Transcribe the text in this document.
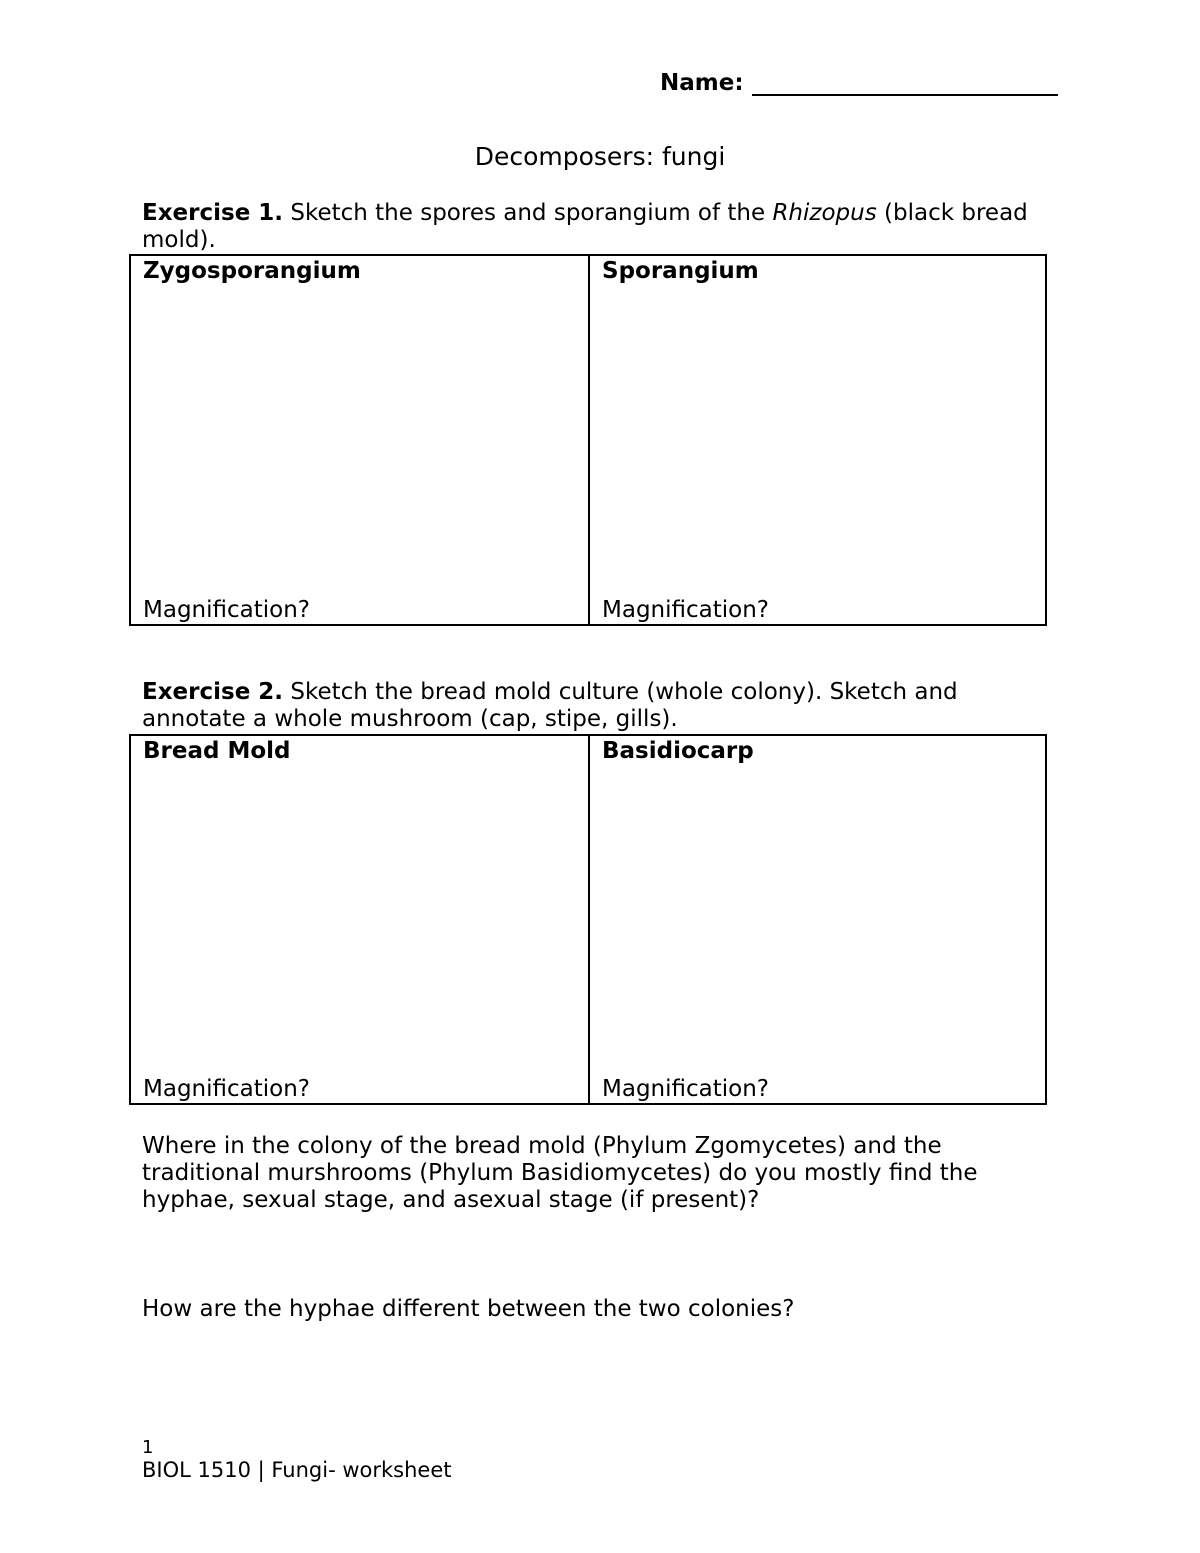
Name:
Decomposers: fungi
Exercise 1. Sketch the spores and sporangium of the Rhizopus (black bread mold).
Zygosporangium
Magnification?
Sporangium
Magnification?
Exercise 2. Sketch the bread mold culture (whole colony). Sketch and annotate a whole mushroom (cap, stipe, gills).
Bread Mold
Magnification?
Basidiocarp
Magnification?
Where in the colony of the bread mold (Phylum Zgomycetes) and the traditional murshrooms (Phylum Basidiomycetes) do you mostly find the hyphae, sexual stage, and asexual stage (if present)?
How are the hyphae different between the two colonies?
1
BIOL 1510 | Fungi- worksheet
